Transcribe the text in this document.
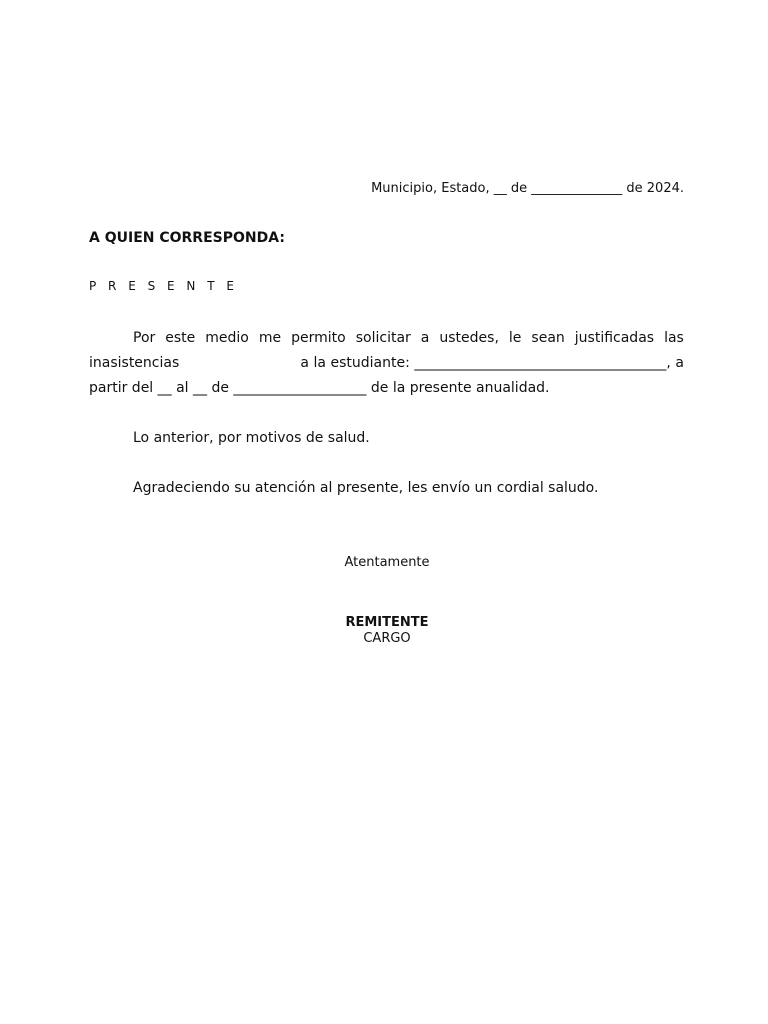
Municipio, Estado, __ de ______________ de 2024.
A QUIEN CORRESPONDA:
P R E S E N T E
Por este medio me permito solicitar a ustedes, le sean justificadas las
inasistencias	a la estudiante: ____________________________________, a
partir del __ al __ de ___________________ de la presente anualidad.
Lo anterior, por motivos de salud.
Agradeciendo su atención al presente, les envío un cordial saludo.
Atentamente
REMITENTE
CARGO
